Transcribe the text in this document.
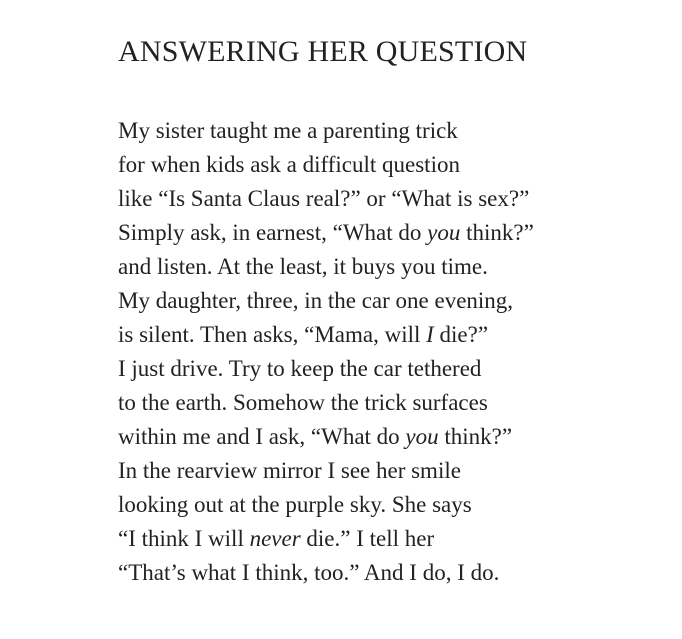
ANSWERING HER QUESTION
My sister taught me a parenting trick
for when kids ask a difficult question
like “Is Santa Claus real?” or “What is sex?”
Simply ask, in earnest, “What do you think?”
and listen. At the least, it buys you time.
My daughter, three, in the car one evening,
is silent. Then asks, “Mama, will I die?”
I just drive. Try to keep the car tethered
to the earth. Somehow the trick surfaces
within me and I ask, “What do you think?”
In the rearview mirror I see her smile
looking out at the purple sky. She says
“I think I will never die.” I tell her
“That’s what I think, too.” And I do, I do.
